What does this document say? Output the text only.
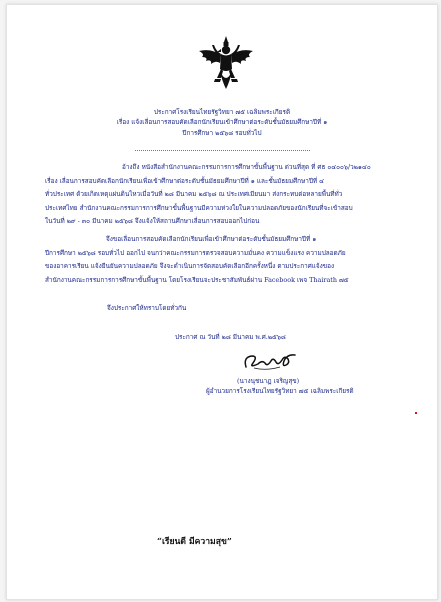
ประกาศโรงเรียนไทยรัฐวิทยา ๗๕ เฉลิมพระเกียรติ
เรื่อง แจ้งเลื่อนการสอบคัดเลือกนักเรียนเข้าศึกษาต่อระดับชั้นมัธยมศึกษาปีที่ ๑
ปีการศึกษา ๒๕๖๘ รอบทั่วไป
อ้างถึง หนังสือสำนักงานคณะกรรมการการศึกษาขั้นพื้นฐาน ด่วนที่สุด ที่ ศธ ๐๔๐๐๖/ว๒๑๔๐
เรื่อง เลื่อนการสอบคัดเลือกนักเรียนเพื่อเข้าศึกษาต่อระดับชั้นมัธยมศึกษาปีที่ ๑ และชั้นมัธยมศึกษาปีที่ ๔
ทั่วประเทศ ด้วยเกิดเหตุแผ่นดินไหวเมื่อวันที่ ๒๘ มีนาคม ๒๕๖๘ ณ ประเทศเมียนมา ส่งกระทบต่อหลายพื้นที่ทั่ว
ประเทศไทย สำนักงานคณะกรรมการการศึกษาขั้นพื้นฐานมีความห่วงใยในความปลอดภัยของนักเรียนที่จะเข้าสอบ
ในวันที่ ๒๙ - ๓๐ มีนาคม ๒๕๖๘ จึงแจ้งให้สถานศึกษาเลื่อนการสอบออกไปก่อน
จึงขอเลื่อนการสอบคัดเลือกนักเรียนเพื่อเข้าศึกษาต่อระดับชั้นมัธยมศึกษาปีที่ ๑
ปีการศึกษา ๒๕๖๘ รอบทั่วไป ออกไป จนกว่าคณะกรรมการตรวจสอบความมั่นคง ความแข็งแรง ความปลอดภัย
ของอาคารเรียน แจ้งยืนยันความปลอดภัย จึงจะดำเนินการจัดสอบคัดเลือกอีกครั้งหนึ่ง ตามประกาศแจ้งของ
สำนักงานคณะกรรมการการศึกษาขั้นพื้นฐาน โดยโรงเรียนจะประชาสัมพันธ์ผ่าน Facebook เพจ Thairath ๗๕
จึงประกาศให้ทราบโดยทั่วกัน
ประกาศ ณ วันที่ ๒๘ มีนาคม พ.ศ.๒๕๖๘
(นางนุชนาฏ เจริญสุข)
ผู้อำนวยการโรงเรียนไทยรัฐวิทยา ๗๕ เฉลิมพระเกียรติ
“เรียนดี มีความสุข”
